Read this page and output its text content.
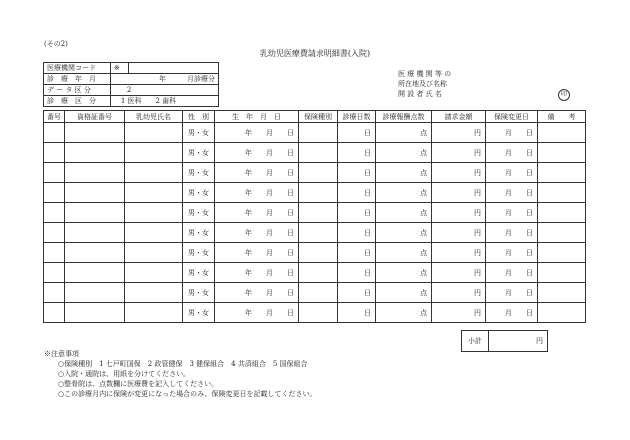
(その2)
乳幼児医療費請求明細書(入院)
医療機関コード	※	
診　療　年　月	年　　　月診療分	
デ ー タ 区 分	2	
診　療　区　分	1 医科　　2 歯科	
医 療 機 関 等 の
所在地及び名称
開 設 者 氏 名	印
番号	資格証番号	乳幼児氏名	性　別	生　年　月　日	保険種別	診療日数	診療報酬点数	請求金額	保険変更日	備　　考
			男・女	年　　月　　日		日	点	円	月　　日	
			男・女	年　　月　　日		日	点	円	月　　日	
			男・女	年　　月　　日		日	点	円	月　　日	
			男・女	年　　月　　日		日	点	円	月　　日	
			男・女	年　　月　　日		日	点	円	月　　日	
			男・女	年　　月　　日		日	点	円	月　　日	
			男・女	年　　月　　日		日	点	円	月　　日	
			男・女	年　　月　　日		日	点	円	月　　日	
			男・女	年　　月　　日		日	点	円	月　　日	
			男・女	年　　月　　日		日	点	円	月　　日	
小計	円
※注意事項
○保険種別　1 七戸町国保　2 政管健保　3 健保組合　4 共済組合　5 国保組合
○入院・通院は、用紙を分けてください。
○整骨院は、点数欄に医療費を記入してください。
○この診療月内に保険が変更になった場合のみ、保険変更日を記載してください。
